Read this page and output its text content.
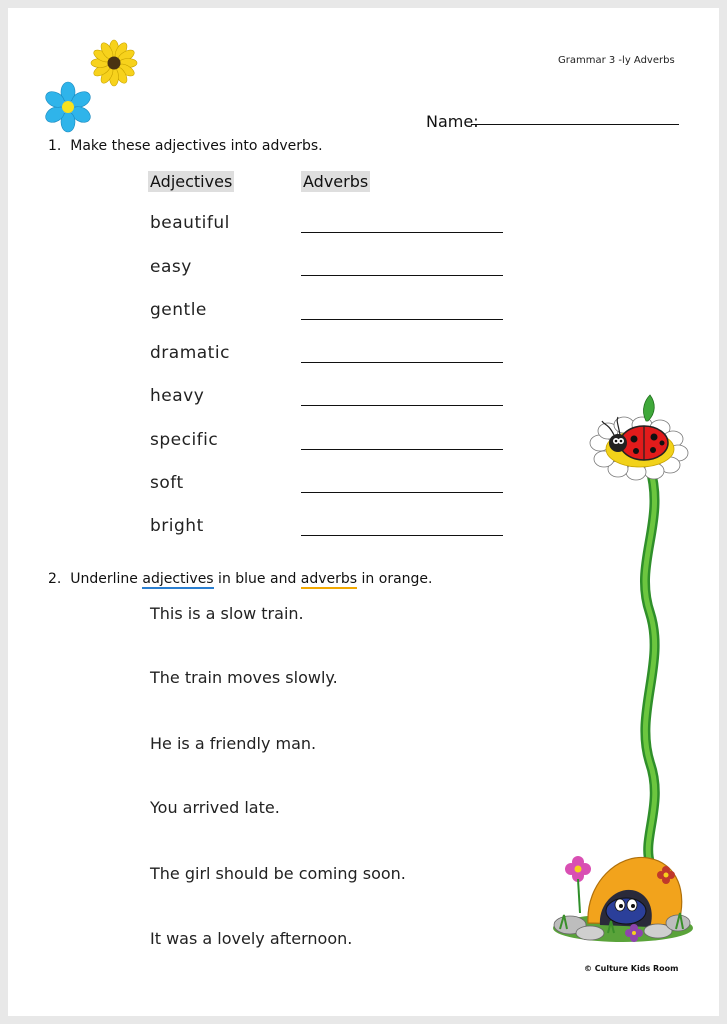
Grammar 3 -ly Adverbs
Name:
1. Make these adjectives into adverbs.
Adjectives	Adverbs
beautiful
easy
gentle
dramatic
heavy
specific
soft
bright
2. Underline adjectives in blue and adverbs in orange.
This is a slow train.
The train moves slowly.
He is a friendly man.
You arrived late.
The girl should be coming soon.
It was a lovely afternoon.
© Culture Kids Room
